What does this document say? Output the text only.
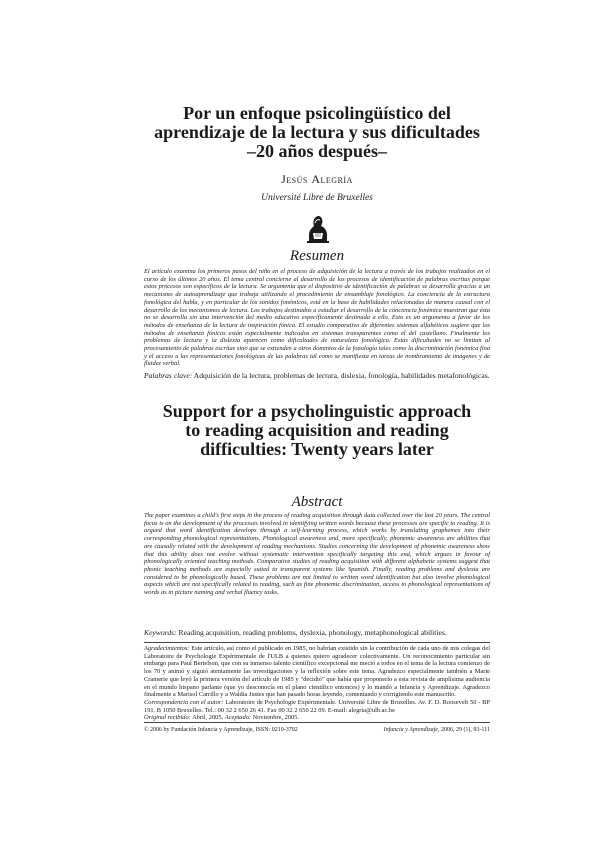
Por un enfoque psicolingüístico del
aprendizaje de la lectura y sus dificultades
–20 años después–
Jesús Alegría
Université Libre de Bruxelles
Resumen
El artículo examina los primeros pasos del niño en el proceso de adquisición de la lectura a través de los trabajos realizados en el curso de los últimos 20 años. El tema central concierne al desarrollo de los procesos de identificación de palabras escritas porque estos procesos son específicos de la lectura. Se argumenta que el dispositivo de identificación de palabras se desarrolla gracias a un mecanismo de autoaprendizaje que trabaja utilizando el procedimiento de ensamblaje fonológico. La conciencia de la estructura fonológica del habla, y en particular de los sonidos fonémicos, está en la base de habilidades relacionadas de manera causal con el desarrollo de los mecanismos de lectura. Los trabajos destinados a estudiar el desarrollo de la conciencia fonémica muestran que ésta no se desarrolla sin una intervención del medio educativo específicamente destinada a ello. Esto es un argumento a favor de los métodos de enseñanza de la lectura de inspiración fónica. El estudio comparativo de diferentes sistemas alfabéticos sugiere que los métodos de enseñanza fónicos están especialmente indicados en sistemas transparentes como el del castellano. Finalmente los problemas de lectura y la dislexia aparecen como dificultades de naturaleza fonológica. Estas dificultades no se limitan al procesamiento de palabras escritas sino que se extienden a otros dominios de la fonología tales como la discriminación fonémica fina y el acceso a las representaciones fonológicas de las palabras tal como se manifiesta en tareas de nombramiento de imágenes y de fluidez verbal.
Palabras clave: Adquisición de la lectura, problemas de lectura, dislexia, fonología, habilidades metafonológicas.
Support for a psycholinguistic approach
to reading acquisition and reading
difficulties: Twenty years later
Abstract
The paper examines a child's first steps in the process of reading acquisition through data collected over the last 20 years. The central focus is on the development of the processes involved in identifying written words because these processes are specific to reading. It is argued that word identification develops through a self-learning process, which works by translating graphemes into their corresponding phonological representations. Phonological awareness and, more specifically, phonemic awareness are abilities that are causally related with the development of reading mechanisms. Studies concerning the development of phonemic awareness show that this ability does not evolve without systematic intervention specifically targeting this end, which argues in favour of phonologically oriented teaching methods. Comparative studies of reading acquisition with different alphabetic systems suggest that phonic teaching methods are especially suited to transparent systems like Spanish. Finally, reading problems and dyslexia are considered to be phonologically based. These problems are not limited to written word identification but also involve phonological aspects which are not specifically related to reading, such as fine phonemic discrimination, access to phonological representations of words as in picture naming and verbal fluency tasks.
Keywords: Reading acquisition, reading problems, dyslexia, phonology, metaphonological abilities.

Agradecimientos: Este artículo, así como el publicado en 1985, no habrían existido sin la contribución de cada uno de mis colegas del Laboratoire de Psychologie Expérimentale de l'ULB a quienes quiero agradecer colectivamente. Un reconocimiento particular sin embargo para Paul Bertelson, que con su inmenso talento científico excepcional me meció a todos en el tema de la lectura comienzo de los 70 y animó y siguió atentamente las investigaciones y la reflexión sobre este tema. Agradezco especialmente también a Marie Cramerie que leyó la primera versión del artículo de 1985 y "decidió" que había que proponerlo a esta revista de amplísima audiencia en el mundo hispano parlante (que yo desconocía en el plano científico entonces) y lo mandó a Infancia y Aprendizaje. Agradezco finalmente a Marisol Carrillo y a Waldia Justes que han pasado horas leyendo, comentando y corrigiendo este manuscrito.

Correspondencia con el autor: Laboratoire de Psychologie Expérimentale. Université Libre de Bruxelles. Av. F. D. Roosevelt 50 - BP 191. B 1050 Bruxelles. Tel.: 00 32 2 650 26 41. Fax 00 32 2 650 22 09. E-mail: alegria@ulb.ac.be

Original recibido: Abril, 2005. Aceptado: Noviembre, 2005.

© 2006 by Fundación Infancia y Aprendizaje, ISSN: 0210-3702	Infancia y Aprendizaje, 2006, 29 (1), 93-111
